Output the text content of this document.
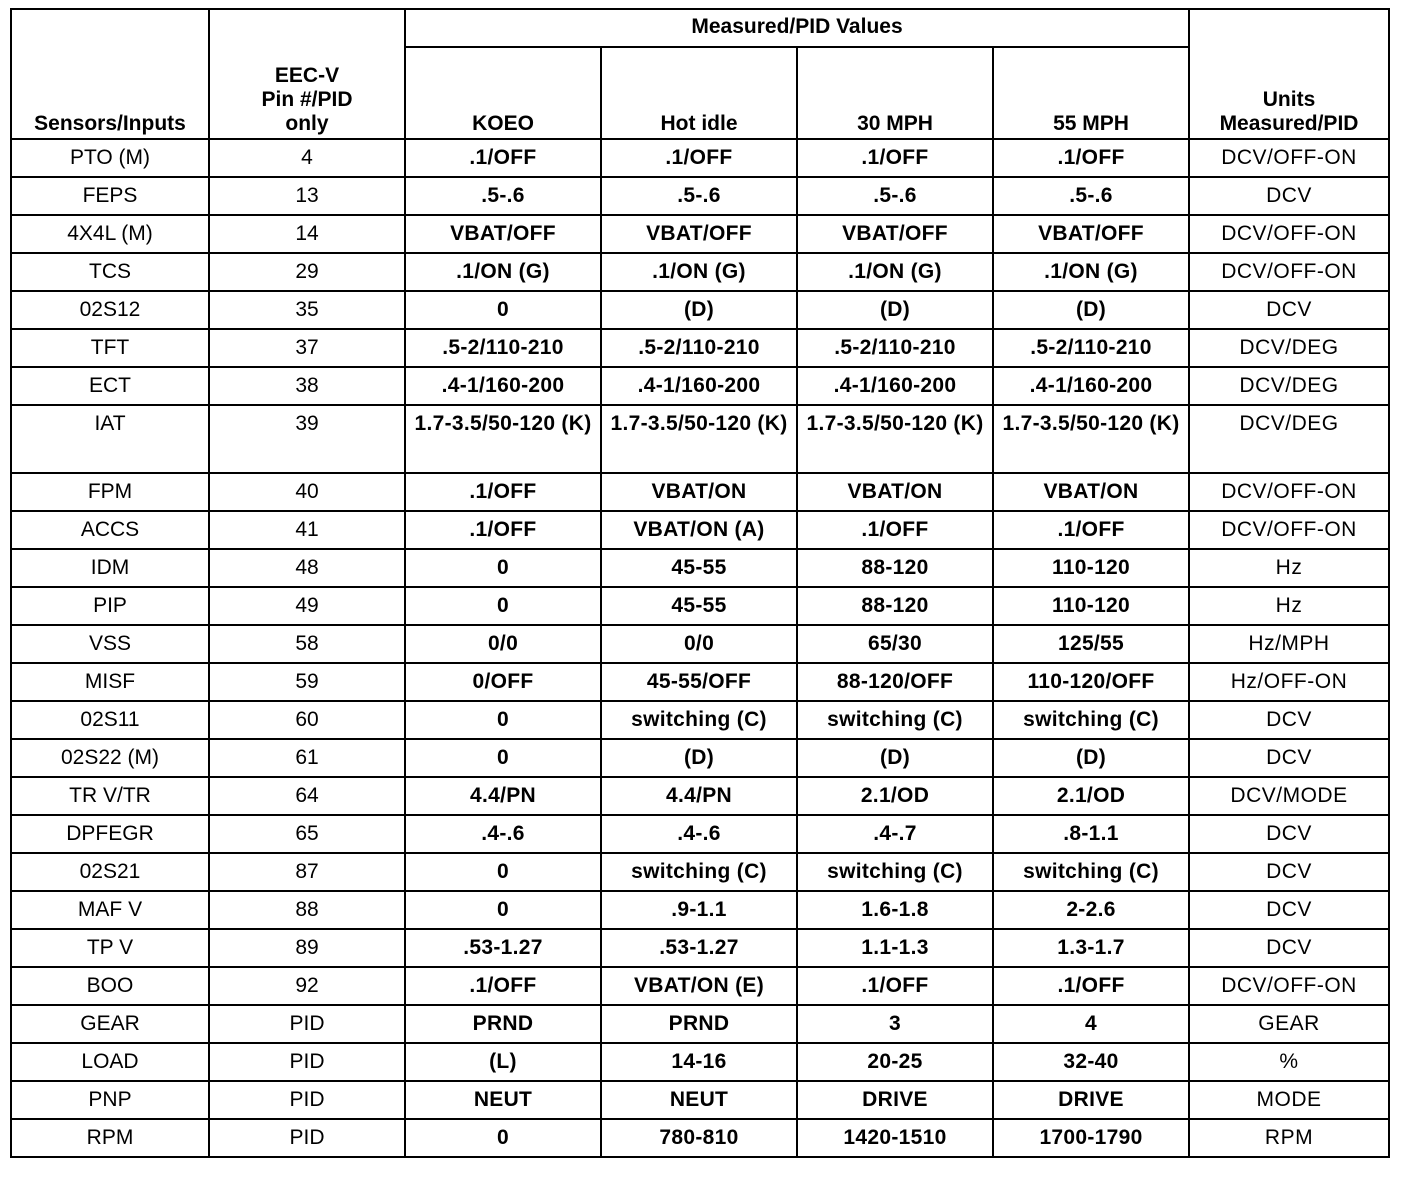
Sensors/Inputs	EEC-V
Pin #/PID
only	Measured/PID Values				Units
Measured/PID
		KOEO	Hot idle	30 MPH	55 MPH	
PTO (M)	4	.1/OFF	.1/OFF	.1/OFF	.1/OFF	DCV/OFF-ON
FEPS	13	.5-.6	.5-.6	.5-.6	.5-.6	DCV
4X4L (M)	14	VBAT/OFF	VBAT/OFF	VBAT/OFF	VBAT/OFF	DCV/OFF-ON
TCS	29	.1/ON (G)	.1/ON (G)	.1/ON (G)	.1/ON (G)	DCV/OFF-ON
02S12	35	0	(D)	(D)	(D)	DCV
TFT	37	.5-2/110-210	.5-2/110-210	.5-2/110-210	.5-2/110-210	DCV/DEG
ECT	38	.4-1/160-200	.4-1/160-200	.4-1/160-200	.4-1/160-200	DCV/DEG
IAT	39	1.7-3.5/50-120 (K)	1.7-3.5/50-120 (K)	1.7-3.5/50-120 (K)	1.7-3.5/50-120 (K)	DCV/DEG
FPM	40	.1/OFF	VBAT/ON	VBAT/ON	VBAT/ON	DCV/OFF-ON
ACCS	41	.1/OFF	VBAT/ON (A)	.1/OFF	.1/OFF	DCV/OFF-ON
IDM	48	0	45-55	88-120	110-120	Hz
PIP	49	0	45-55	88-120	110-120	Hz
VSS	58	0/0	0/0	65/30	125/55	Hz/MPH
MISF	59	0/OFF	45-55/OFF	88-120/OFF	110-120/OFF	Hz/OFF-ON
02S11	60	0	switching (C)	switching (C)	switching (C)	DCV
02S22 (M)	61	0	(D)	(D)	(D)	DCV
TR V/TR	64	4.4/PN	4.4/PN	2.1/OD	2.1/OD	DCV/MODE
DPFEGR	65	.4-.6	.4-.6	.4-.7	.8-1.1	DCV
02S21	87	0	switching (C)	switching (C)	switching (C)	DCV
MAF V	88	0	.9-1.1	1.6-1.8	2-2.6	DCV
TP V	89	.53-1.27	.53-1.27	1.1-1.3	1.3-1.7	DCV
BOO	92	.1/OFF	VBAT/ON (E)	.1/OFF	.1/OFF	DCV/OFF-ON
GEAR	PID	PRND	PRND	3	4	GEAR
LOAD	PID	(L)	14-16	20-25	32-40	%
PNP	PID	NEUT	NEUT	DRIVE	DRIVE	MODE
RPM	PID	0	780-810	1420-1510	1700-1790	RPM
